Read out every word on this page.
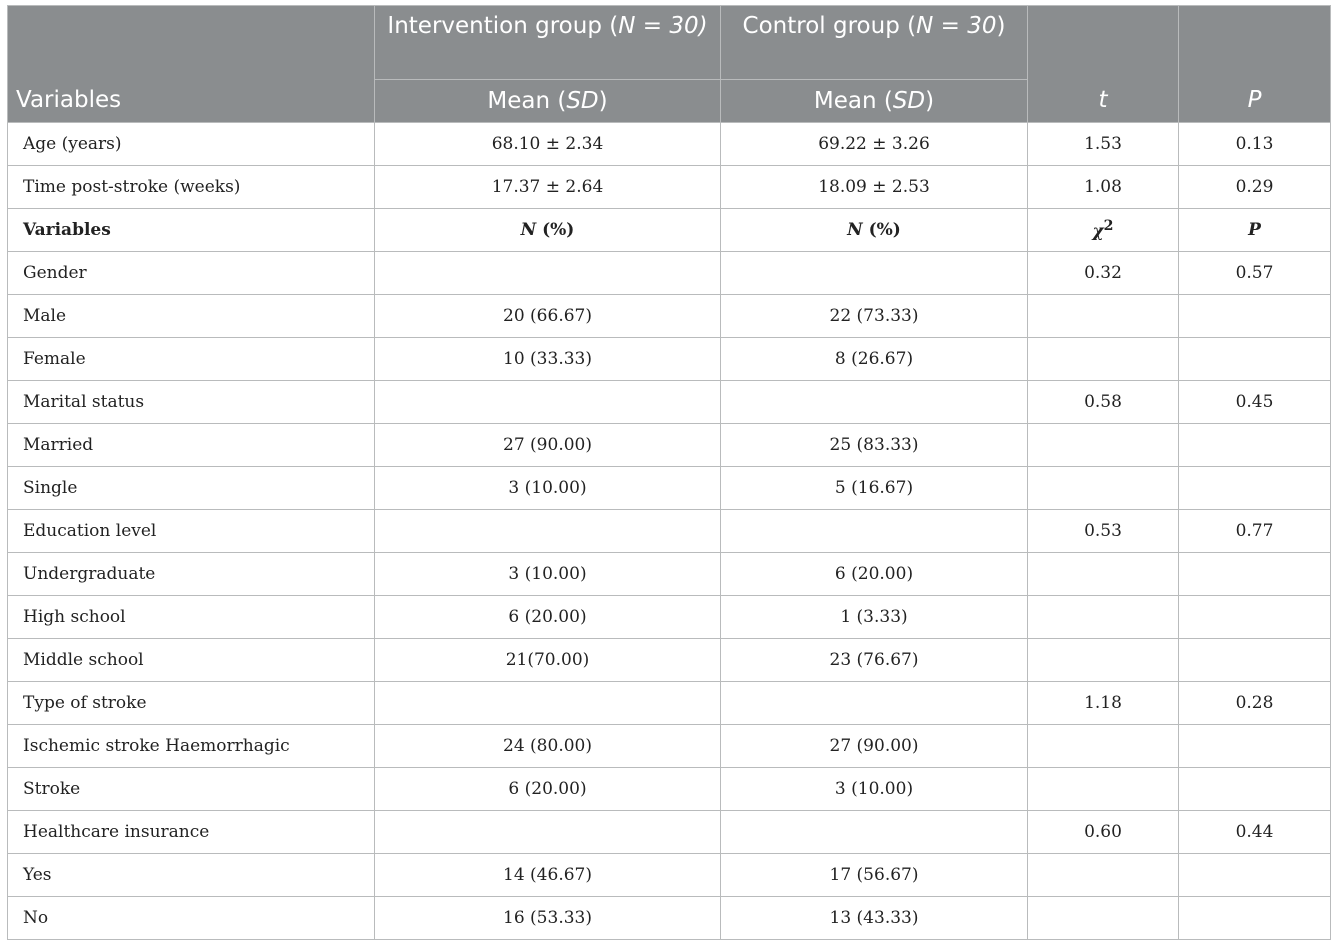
Variables	Intervention group (N = 30)	Control group (N = 30)	t	P
	Mean (SD)	Mean (SD)		
Age (years)	68.10 ± 2.34	69.22 ± 3.26	1.53	0.13
Time post-stroke (weeks)	17.37 ± 2.64	18.09 ± 2.53	1.08	0.29
Variables	N (%)	N (%)	$\chi^2$	P
Gender			0.32	0.57
Male	20 (66.67)	22 (73.33)		
Female	10 (33.33)	8 (26.67)		
Marital status			0.58	0.45
Married	27 (90.00)	25 (83.33)		
Single	3 (10.00)	5 (16.67)		
Education level			0.53	0.77
Undergraduate	3 (10.00)	6 (20.00)		
High school	6 (20.00)	1 (3.33)		
Middle school	21(70.00)	23 (76.67)		
Type of stroke			1.18	0.28
Ischemic stroke Haemorrhagic	24 (80.00)	27 (90.00)		
Stroke	6 (20.00)	3 (10.00)		
Healthcare insurance			0.60	0.44
Yes	14 (46.67)	17 (56.67)		
No	16 (53.33)	13 (43.33)		
